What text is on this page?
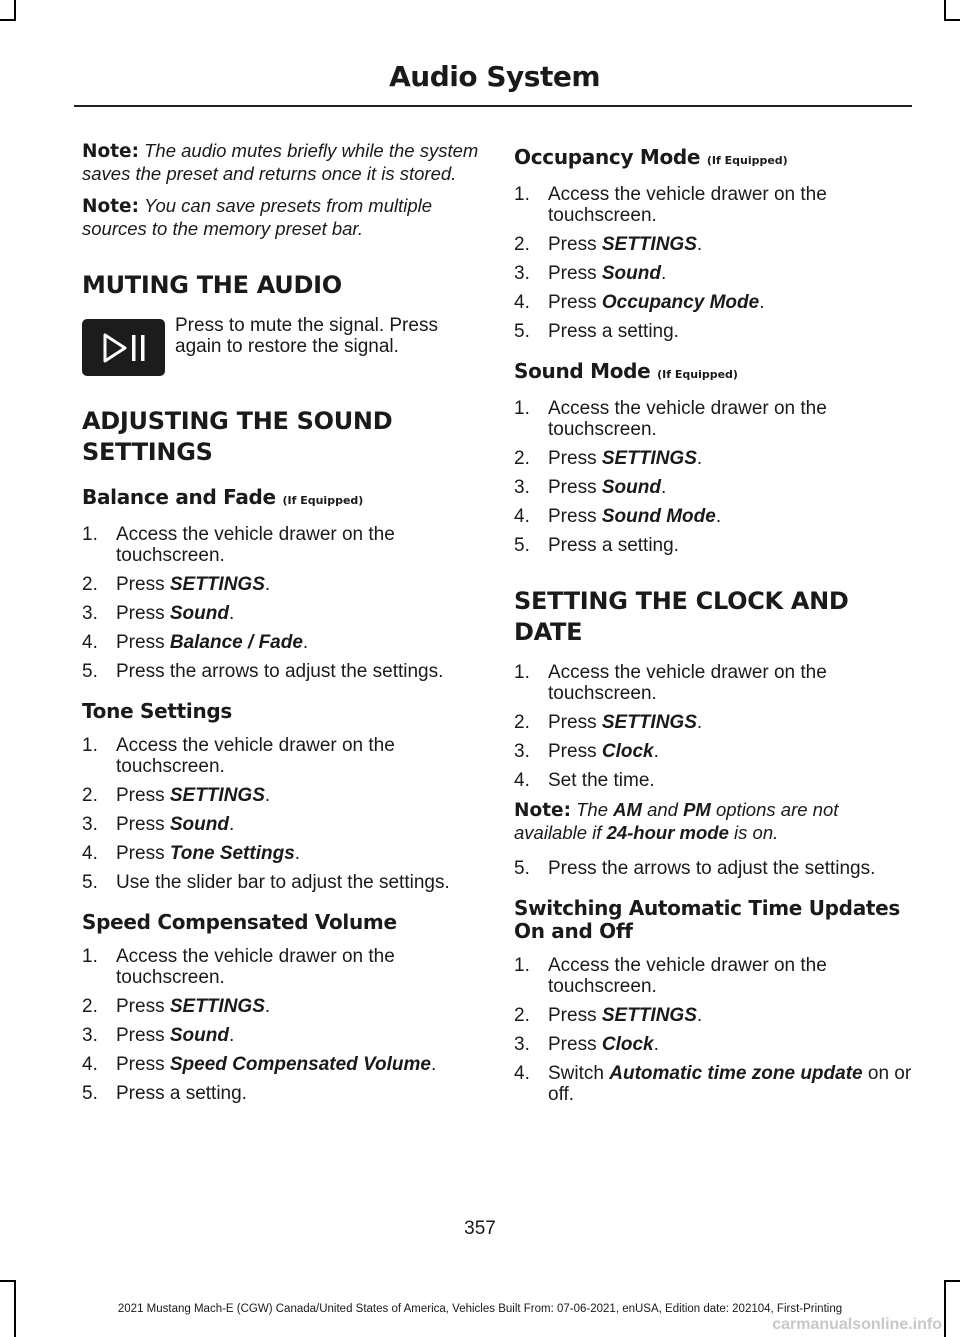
Audio System

Note: The audio mutes briefly while the system saves the preset and returns once it is stored.

Note: You can save presets from multiple sources to the memory preset bar.

MUTING THE AUDIO
Press to mute the signal. Press again to restore the signal.
ADJUSTING THE SOUND SETTINGS
Balance and Fade (If Equipped)
1. Access the vehicle drawer on the touchscreen.
2. Press SETTINGS.
3. Press Sound.
4. Press Balance / Fade.
5. Press the arrows to adjust the settings.
Tone Settings
1. Access the vehicle drawer on the touchscreen.
2. Press SETTINGS.
3. Press Sound.
4. Press Tone Settings.
5. Use the slider bar to adjust the settings.
Speed Compensated Volume
1. Access the vehicle drawer on the touchscreen.
2. Press SETTINGS.
3. Press Sound.
4. Press Speed Compensated Volume.
5. Press a setting.
Occupancy Mode (If Equipped)
1. Access the vehicle drawer on the touchscreen.
2. Press SETTINGS.
3. Press Sound.
4. Press Occupancy Mode.
5. Press a setting.
Sound Mode (If Equipped)
1. Access the vehicle drawer on the touchscreen.
2. Press SETTINGS.
3. Press Sound.
4. Press Sound Mode.
5. Press a setting.
SETTING THE CLOCK AND DATE
1. Access the vehicle drawer on the touchscreen.
2. Press SETTINGS.
3. Press Clock.
4. Set the time.

Note: The AM and PM options are not available if 24-hour mode is on.

5. Press the arrows to adjust the settings.
Switching Automatic Time Updates On and Off
1. Access the vehicle drawer on the touchscreen.
2. Press SETTINGS.
3. Press Clock.
4. Switch Automatic time zone update on or off.
357
2021 Mustang Mach-E (CGW) Canada/United States of America, Vehicles Built From: 07-06-2021, enUSA, Edition date: 202104, First-Printing
carmanualsonline.info
